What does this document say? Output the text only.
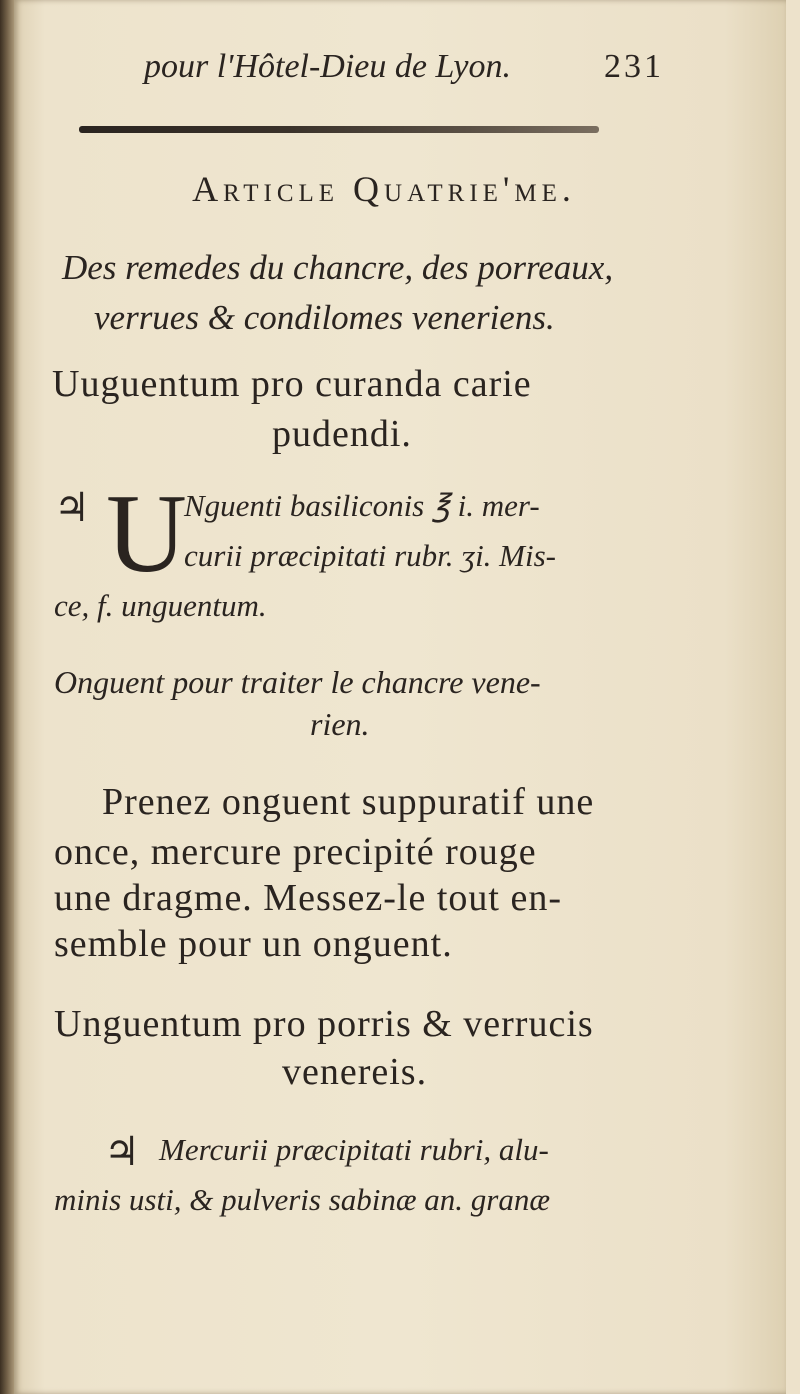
pour l'Hôtel-Dieu de Lyon.	231
Article Quatrie'me.
Des remedes du chancre, des porreaux,
verrues & condilomes veneriens.
Uuguentum pro curanda carie
pudendi.
♃ U
Nguenti basiliconis ℥ i. mer-
curii præcipitati rubr. ʒi. Mis-
ce, f. unguentum.
Onguent pour traiter le chancre vene-
rien.
Prenez onguent suppuratif une
once, mercure precipité rouge
une dragme. Messez-le tout en-
semble pour un onguent.
Unguentum pro porris & verrucis
venereis.
♃ Mercurii præcipitati rubri, alu-
minis usti, & pulveris sabinæ an. granæ
